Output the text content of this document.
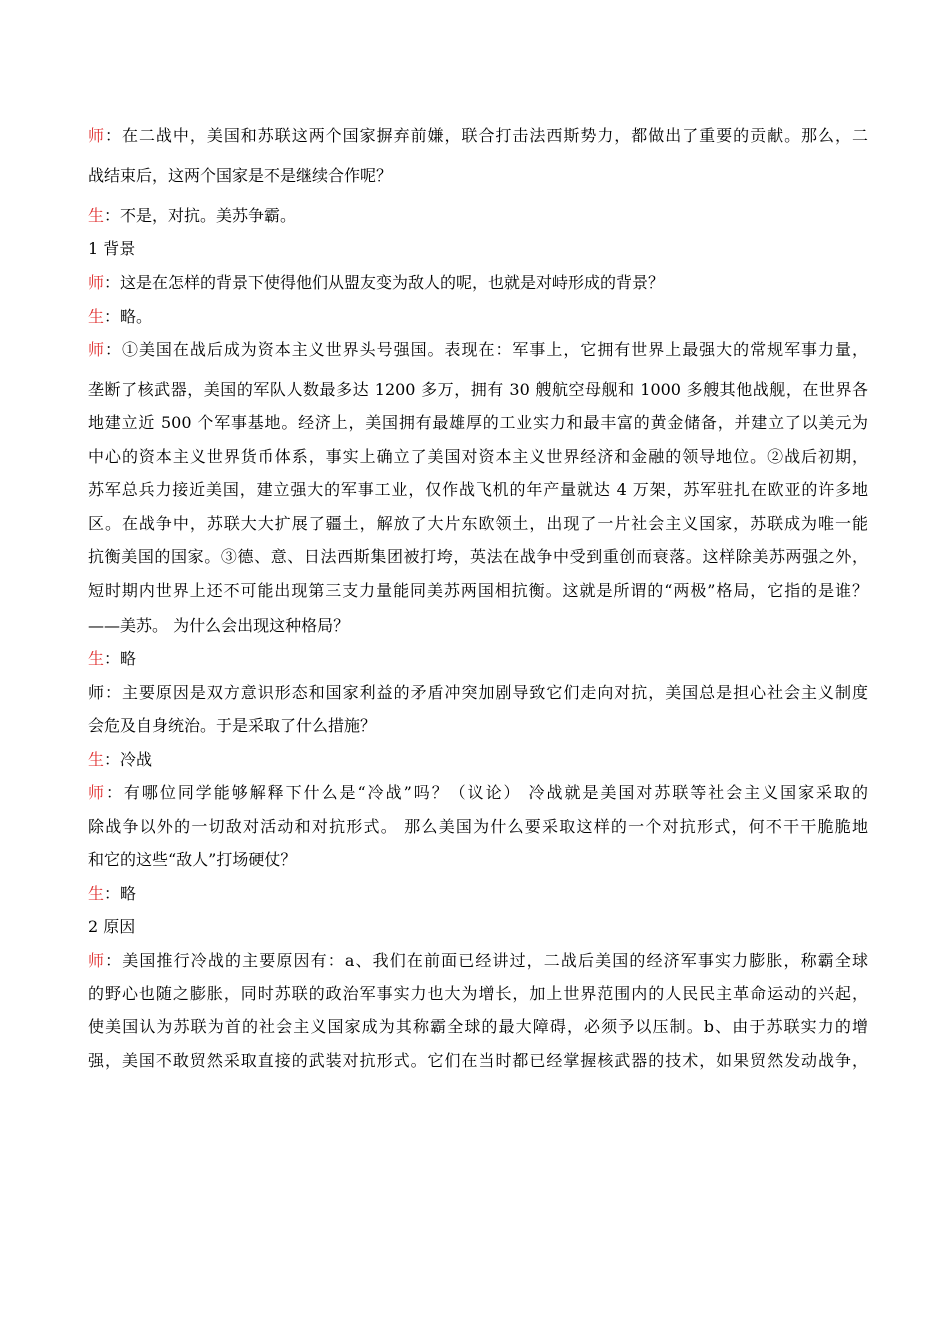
师：在二战中，美国和苏联这两个国家摒弃前嫌，联合打击法西斯势力，都做出了重要的贡献。那么，二

战结束后，这两个国家是不是继续合作呢？

生：不是，对抗。美苏争霸。

1 背景

师：这是在怎样的背景下使得他们从盟友变为敌人的呢，也就是对峙形成的背景？

生：略。

师：①美国在战后成为资本主义世界头号强国。表现在：军事上，它拥有世界上最强大的常规军事力量，

垄断了核武器，美国的军队人数最多达 1200 多万，拥有 30 艘航空母舰和 1000 多艘其他战舰，在世界各

地建立近 500 个军事基地。经济上，美国拥有最雄厚的工业实力和最丰富的黄金储备，并建立了以美元为

中心的资本主义世界货币体系，事实上确立了美国对资本主义世界经济和金融的领导地位。②战后初期，

苏军总兵力接近美国，建立强大的军事工业，仅作战飞机的年产量就达 4 万架，苏军驻扎在欧亚的许多地

区。在战争中，苏联大大扩展了疆土，解放了大片东欧领土，出现了一片社会主义国家，苏联成为唯一能

抗衡美国的国家。③德、意、日法西斯集团被打垮，英法在战争中受到重创而衰落。这样除美苏两强之外，

短时期内世界上还不可能出现第三支力量能同美苏两国相抗衡。这就是所谓的“两极”格局，它指的是谁？

——美苏。 为什么会出现这种格局？

生：略

师：主要原因是双方意识形态和国家利益的矛盾冲突加剧导致它们走向对抗，美国总是担心社会主义制度

会危及自身统治。于是采取了什么措施？

生：冷战

师：有哪位同学能够解释下什么是“冷战”吗？（议论） 冷战就是美国对苏联等社会主义国家采取的

除战争以外的一切敌对活动和对抗形式。 那么美国为什么要采取这样的一个对抗形式，何不干干脆脆地

和它的这些“敌人”打场硬仗？

生：略

2 原因

师：美国推行冷战的主要原因有：a、我们在前面已经讲过，二战后美国的经济军事实力膨胀，称霸全球

的野心也随之膨胀，同时苏联的政治军事实力也大为增长，加上世界范围内的人民民主革命运动的兴起，

使美国认为苏联为首的社会主义国家成为其称霸全球的最大障碍，必须予以压制。b、由于苏联实力的增

强，美国不敢贸然采取直接的武装对抗形式。它们在当时都已经掌握核武器的技术，如果贸然发动战争，
